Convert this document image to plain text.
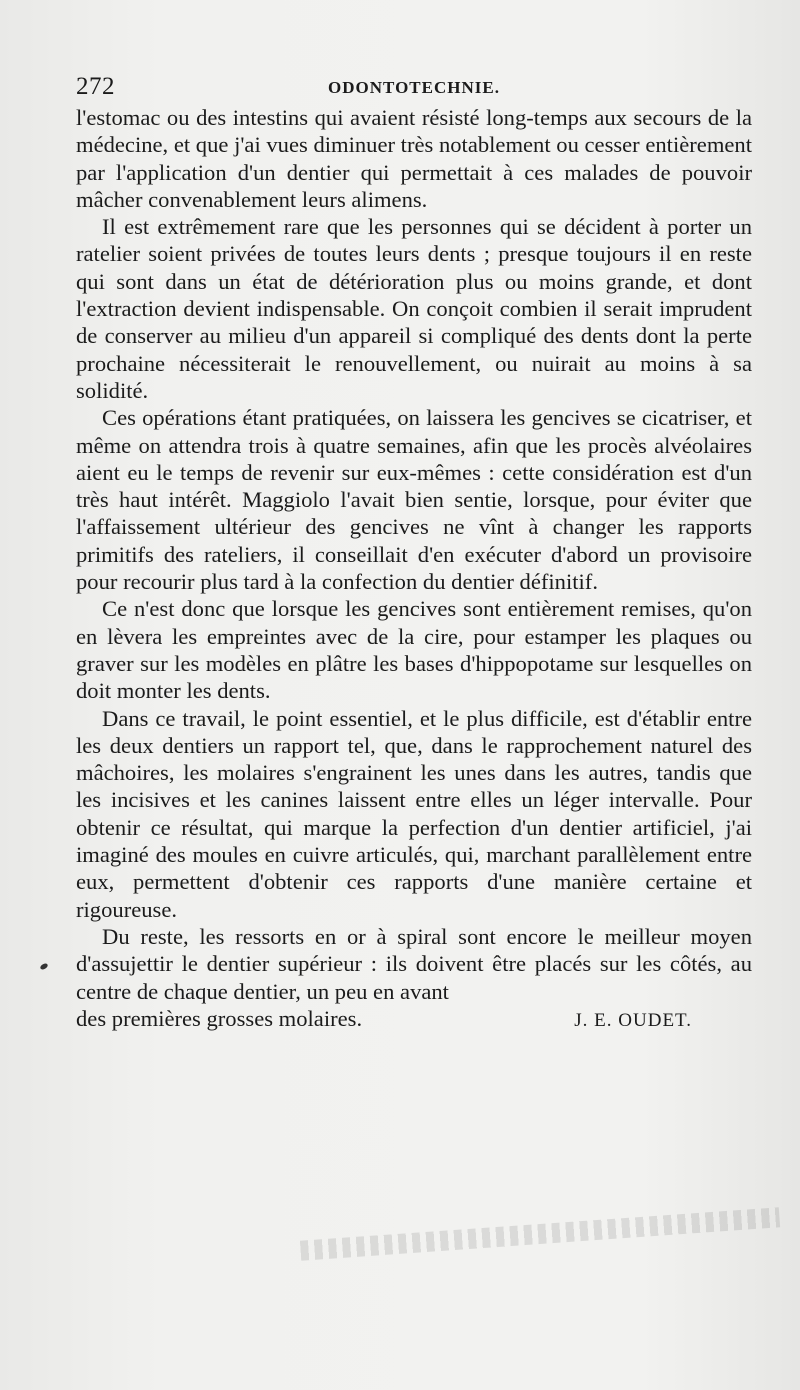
272	ODONTOTECHNIE.

l'estomac ou des intestins qui avaient résisté long-temps aux secours de la médecine, et que j'ai vues diminuer très notablement ou cesser entièrement par l'application d'un dentier qui permettait à ces malades de pouvoir mâcher convenablement leurs alimens.

Il est extrêmement rare que les personnes qui se décident à porter un ratelier soient privées de toutes leurs dents ; presque toujours il en reste qui sont dans un état de détérioration plus ou moins grande, et dont l'extraction devient indispensable. On conçoit combien il serait imprudent de conserver au milieu d'un appareil si compliqué des dents dont la perte prochaine nécessiterait le renouvellement, ou nuirait au moins à sa solidité.

Ces opérations étant pratiquées, on laissera les gencives se cicatriser, et même on attendra trois à quatre semaines, afin que les procès alvéolaires aient eu le temps de revenir sur eux-mêmes : cette considération est d'un très haut intérêt. Maggiolo l'avait bien sentie, lorsque, pour éviter que l'affaissement ultérieur des gencives ne vînt à changer les rapports primitifs des rateliers, il conseillait d'en exécuter d'abord un provisoire pour recourir plus tard à la confection du dentier définitif.

Ce n'est donc que lorsque les gencives sont entièrement remises, qu'on en lèvera les empreintes avec de la cire, pour estamper les plaques ou graver sur les modèles en plâtre les bases d'hippopotame sur lesquelles on doit monter les dents.

Dans ce travail, le point essentiel, et le plus difficile, est d'établir entre les deux dentiers un rapport tel, que, dans le rapprochement naturel des mâchoires, les molaires s'engrainent les unes dans les autres, tandis que les incisives et les canines laissent entre elles un léger intervalle. Pour obtenir ce résultat, qui marque la perfection d'un dentier artificiel, j'ai imaginé des moules en cuivre articulés, qui, marchant parallèlement entre eux, permettent d'obtenir ces rapports d'une manière certaine et rigoureuse.

Du reste, les ressorts en or à spiral sont encore le meilleur moyen d'assujettir le dentier supérieur : ils doivent être placés sur les côtés, au centre de chaque dentier, un peu en avant

des premières grosses molaires.	J. E. OUDET.
